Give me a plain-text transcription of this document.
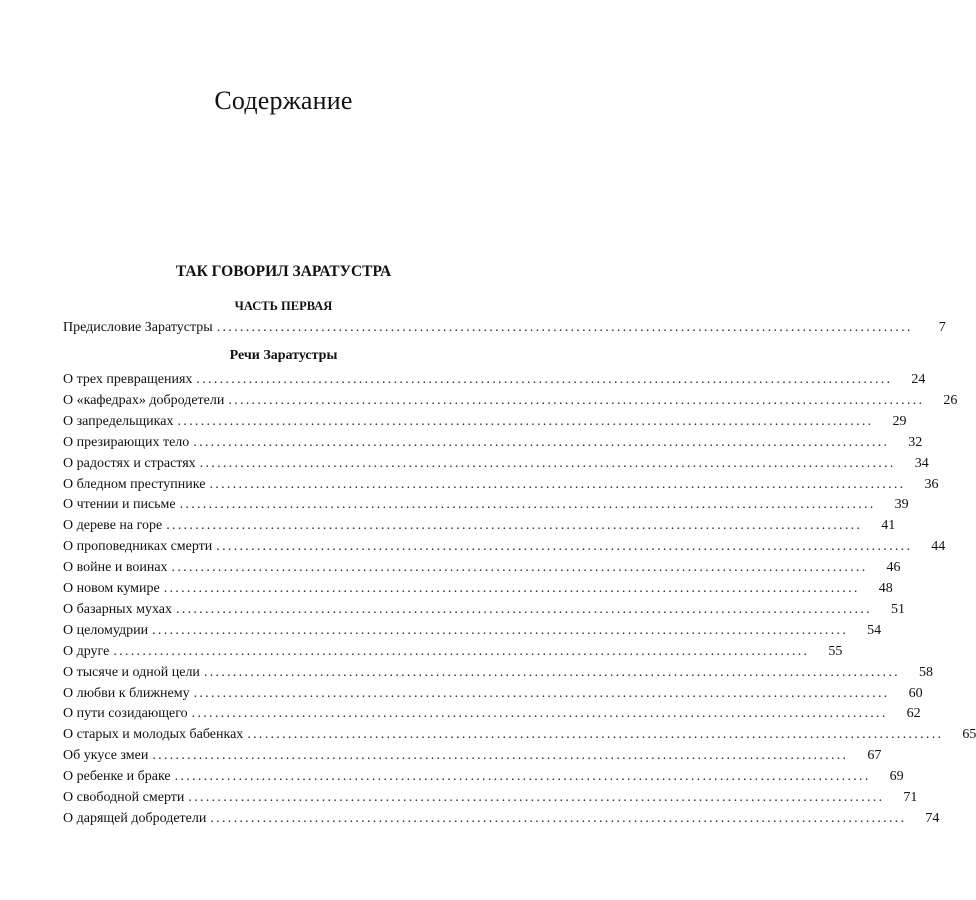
Содержание
ТАК ГОВОРИЛ ЗАРАТУСТРА
ЧАСТЬ ПЕРВАЯ
Предисловие Заратустры ........................................................................................................................	7
Речи Заратустры
О трех превращениях ........................................................................................................................	24
О «кафедрах» добродетели ........................................................................................................................	26
О запредельщиках ........................................................................................................................	29
О презирающих тело ........................................................................................................................	32
О радостях и страстях ........................................................................................................................	34
О бледном преступнике ........................................................................................................................	36
О чтении и письме ........................................................................................................................	39
О дереве на горе ........................................................................................................................	41
О проповедниках смерти ........................................................................................................................	44
О войне и воинах ........................................................................................................................	46
О новом кумире ........................................................................................................................	48
О базарных мухах ........................................................................................................................	51
О целомудрии ........................................................................................................................	54
О друге ........................................................................................................................	55
О тысяче и одной цели ........................................................................................................................	58
О любви к ближнему ........................................................................................................................	60
О пути созидающего ........................................................................................................................	62
О старых и молодых бабенках ........................................................................................................................	65
Об укусе змеи ........................................................................................................................	67
О ребенке и браке ........................................................................................................................	69
О свободной смерти ........................................................................................................................	71
О дарящей добродетели ........................................................................................................................	74
